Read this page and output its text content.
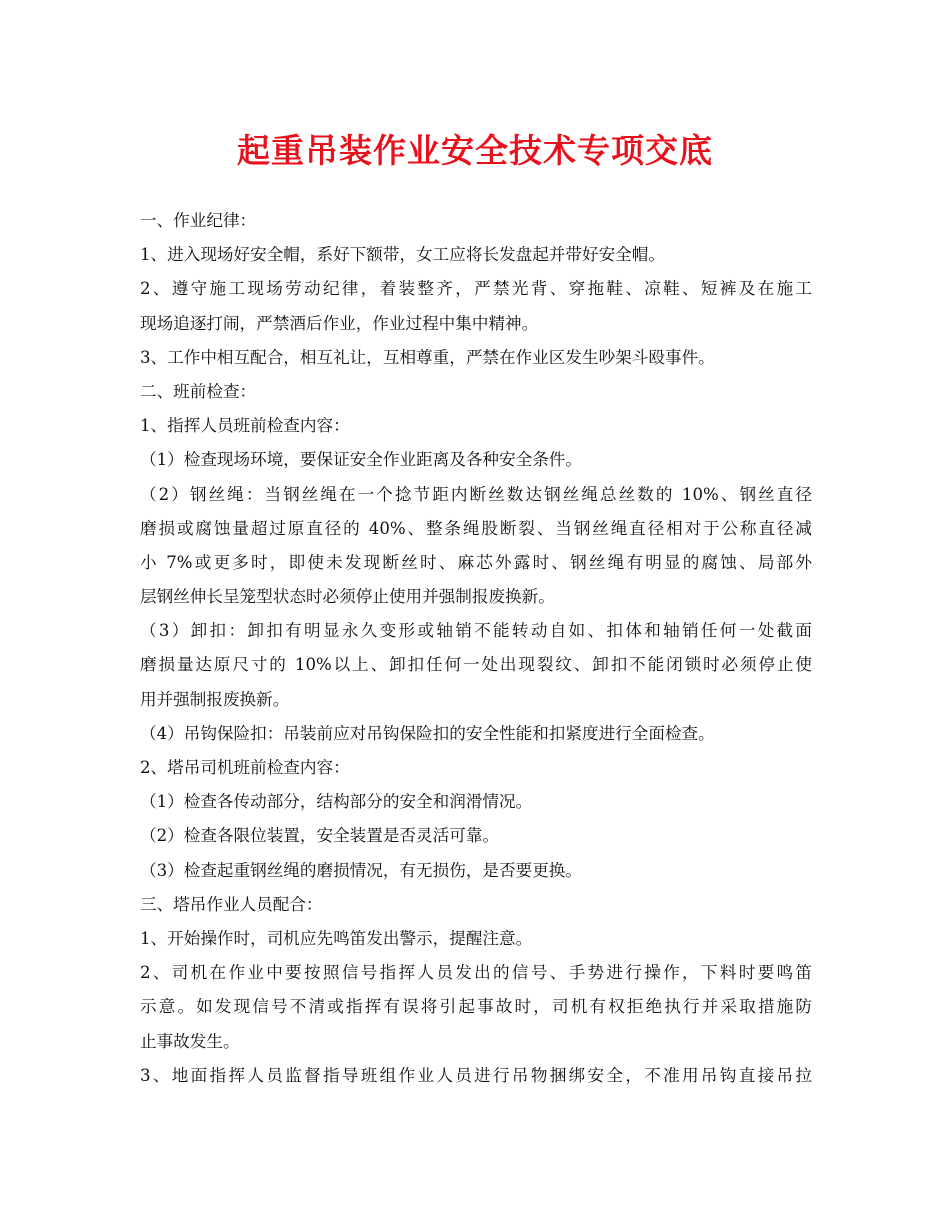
起重吊装作业安全技术专项交底
一、作业纪律：
1、进入现场好安全帽，系好下额带，女工应将长发盘起并带好安全帽。
2、遵守施工现场劳动纪律，着装整齐，严禁光背、穿拖鞋、凉鞋、短裤及在施工
现场追逐打闹，严禁酒后作业，作业过程中集中精神。
3、工作中相互配合，相互礼让，互相尊重，严禁在作业区发生吵架斗殴事件。
二、班前检查：
1、指挥人员班前检查内容：
（1）检查现场环境，要保证安全作业距离及各种安全条件。
（2）钢丝绳：当钢丝绳在一个捻节距内断丝数达钢丝绳总丝数的 10%、钢丝直径
磨损或腐蚀量超过原直径的 40%、整条绳股断裂、当钢丝绳直径相对于公称直径减
小 7%或更多时，即使未发现断丝时、麻芯外露时、钢丝绳有明显的腐蚀、局部外
层钢丝伸长呈笼型状态时必须停止使用并强制报废换新。
（3）卸扣：卸扣有明显永久变形或轴销不能转动自如、扣体和轴销任何一处截面
磨损量达原尺寸的 10%以上、卸扣任何一处出现裂纹、卸扣不能闭锁时必须停止使
用并强制报废换新。
（4）吊钩保险扣：吊装前应对吊钩保险扣的安全性能和扣紧度进行全面检查。
2、塔吊司机班前检查内容：
（1）检查各传动部分，结构部分的安全和润滑情况。
（2）检查各限位装置，安全装置是否灵活可靠。
（3）检查起重钢丝绳的磨损情况，有无损伤，是否要更换。
三、塔吊作业人员配合：
1、开始操作时，司机应先鸣笛发出警示，提醒注意。
2、司机在作业中要按照信号指挥人员发出的信号、手势进行操作，下料时要鸣笛
示意。如发现信号不清或指挥有误将引起事故时，司机有权拒绝执行并采取措施防
止事故发生。
3、地面指挥人员监督指导班组作业人员进行吊物捆绑安全，不准用吊钩直接吊拉
